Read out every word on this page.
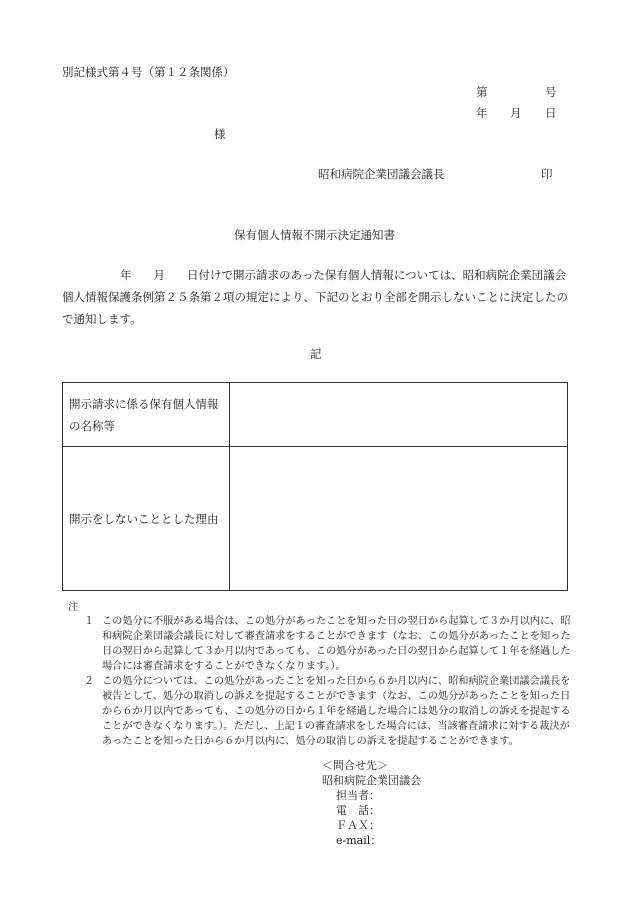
別記様式第４号（第１２条関係）
第	号
年 月 日
様
昭和病院企業団議会議長	印
保有個人情報不開示決定通知書
年 月 日付けで開示請求のあった保有個人情報については、昭和病院企業団議会個人情報保護条例第２５条第２項の規定により、下記のとおり全部を開示しないことに決定したので通知します。
記
開示請求に係る保有個人情報の名称等	
開示をしないこととした理由	
注

１ この処分に不服がある場合は、この処分があったことを知った日の翌日から起算して３か月以内に、昭和病院企業団議会議長に対して審査請求をすることができます（なお、この処分があったことを知った日の翌日から起算して３か月以内であっても、この処分があった日の翌日から起算して１年を経過した場合には審査請求をすることができなくなります。）。

２ この処分については、この処分があったことを知った日から６か月以内に、昭和病院企業団議会議長を被告として、処分の取消しの訴えを提起することができます（なお、この処分があったことを知った日から６か月以内であっても、この処分の日から１年を経過した場合には処分の取消しの訴えを提起することができなくなります。）。ただし、上記１の審査請求をした場合には、当該審査請求に対する裁決があったことを知った日から６か月以内に、処分の取消しの訴えを提起することができます。

＜問合せ先＞
昭和病院企業団議会
担当者：
電　話：
ＦＡＸ：
e-mail：
